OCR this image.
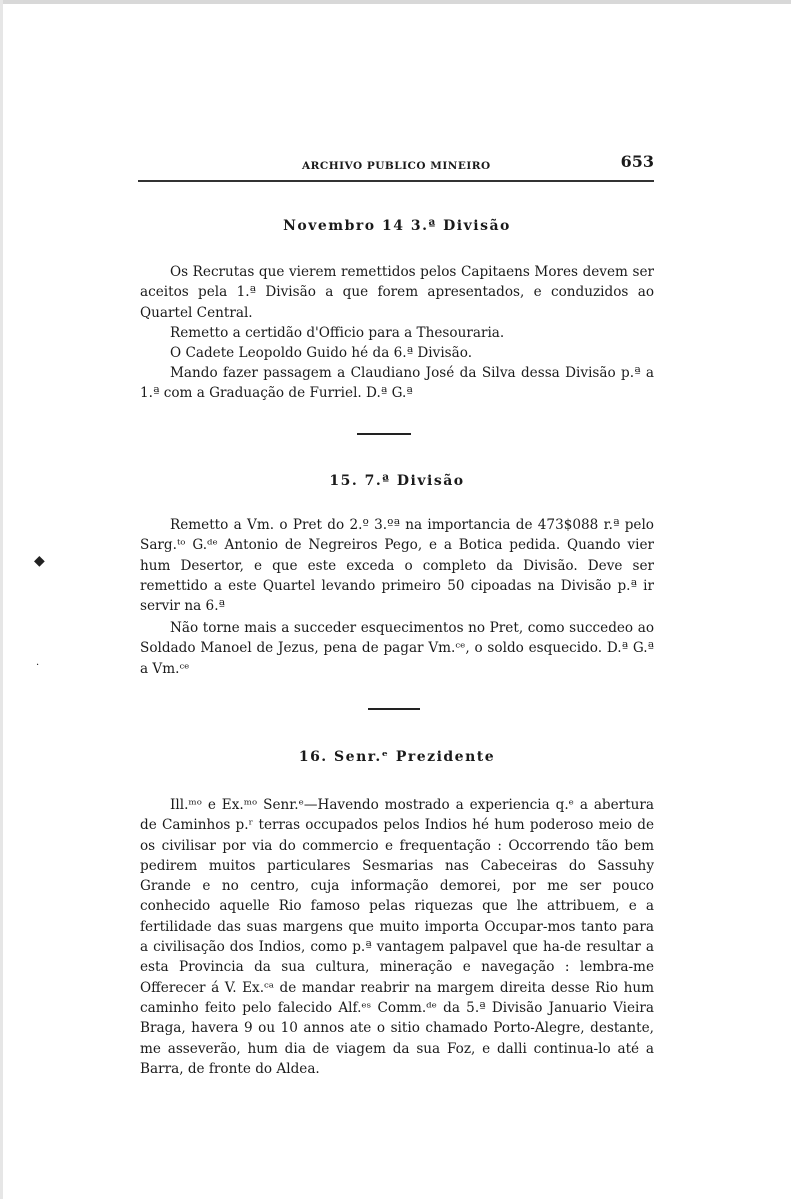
ARCHIVO PUBLICO MINEIRO	653
Novembro 14 3.ª Divisão

Os Recrutas que vierem remettidos pelos Capitaens Mores devem ser aceitos pela 1.ª Divisão a que forem apresentados, e conduzidos ao Quartel Central.

Remetto a certidão d'Officio para a Thesouraria.

O Cadete Leopoldo Guido hé da 6.ª Divisão.

Mando fazer passagem a Claudiano José da Silva dessa Divisão p.ª a 1.ª com a Graduação de Furriel. D.ª G.ª

15. 7.ª Divisão

Remetto a Vm. o Pret do 2.º 3.ºª na importancia de 473$088 r.ª pelo Sarg.ᵗᵒ G.ᵈᵉ Antonio de Negreiros Pego, e a Botica pedida. Quando vier hum Desertor, e que este exceda o completo da Divisão. Deve ser remettido a este Quartel levando primeiro 50 cipoadas na Divisão p.ª ir servir na 6.ª

Não torne mais a succeder esquecimentos no Pret, como succedeo ao Soldado Manoel de Jezus, pena de pagar Vm.ᶜᵉ, o soldo esquecido. D.ª G.ª a Vm.ᶜᵉ

16. Senr.ᵉ Prezidente

Ill.ᵐᵒ e Ex.ᵐᵒ Senr.ᵉ—Havendo mostrado a experiencia q.ᵉ a abertura de Caminhos p.ʳ terras occupados pelos Indios hé hum poderoso meio de os civilisar por via do commercio e frequentação : Occorrendo tão bem pedirem muitos particulares Sesmarias nas Cabeceiras do Sassuhy Grande e no centro, cuja informação demorei, por me ser pouco conhecido aquelle Rio famoso pelas riquezas que lhe attribuem, e a fertilidade das suas margens que muito importa Occupar-mos tanto para a civilisação dos Indios, como p.ª vantagem palpavel que ha-de resultar a esta Provincia da sua cultura, mineração e navegação : lembra-me Offerecer á V. Ex.ᶜᵃ de mandar reabrir na margem direita desse Rio hum caminho feito pelo falecido Alf.ᵉˢ Comm.ᵈᵉ da 5.ª Divisão Januario Vieira Braga, havera 9 ou 10 annos ate o sitio chamado Porto-Alegre, destante, me asseverão, hum dia de viagem da sua Foz, e dalli continua-lo até a Barra, de fronte do Aldea.

◆
·
